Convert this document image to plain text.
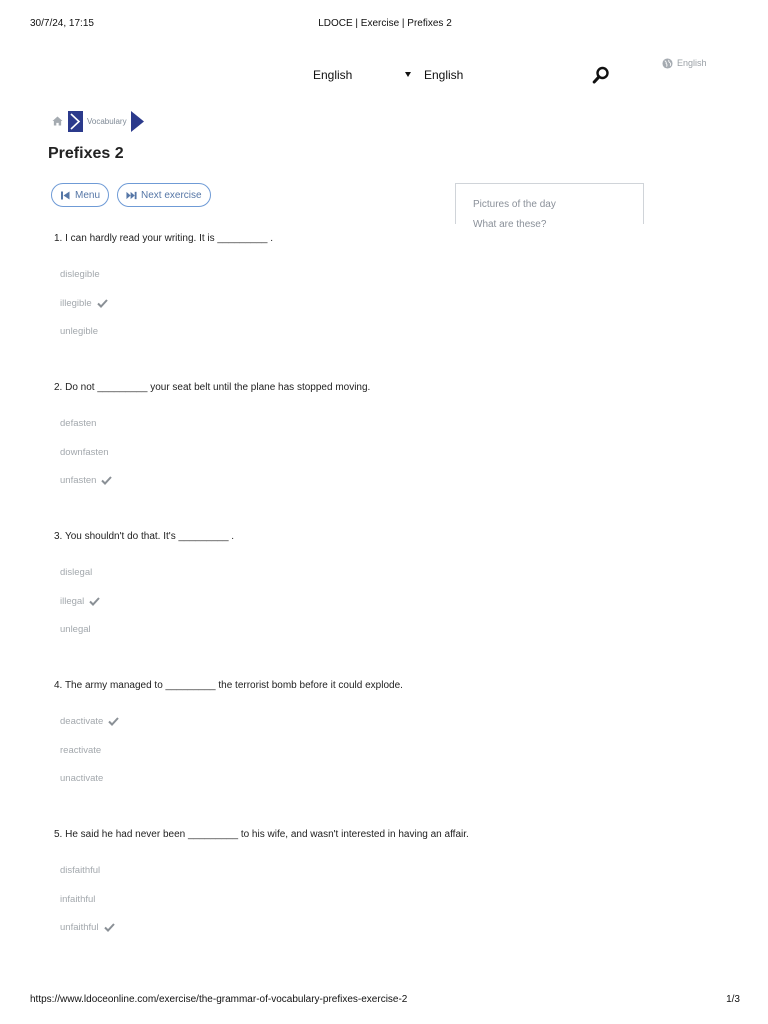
30/7/24, 17:15	LDOCE | Exercise | Prefixes 2
English	English
English
Vocabulary
Prefixes 2
Menu	Next exercise
Pictures of the day
What are these?
1. I can hardly read your writing. It is _________ .
dislegible
illegible
unlegible
2. Do not _________ your seat belt until the plane has stopped moving.
defasten
downfasten
unfasten
3. You shouldn't do that. It's _________ .
dislegal
illegal
unlegal
4. The army managed to _________ the terrorist bomb before it could explode.
deactivate
reactivate
unactivate
5. He said he had never been _________ to his wife, and wasn't interested in having an affair.
disfaithful
infaithful
unfaithful
https://www.ldoceonline.com/exercise/the-grammar-of-vocabulary-prefixes-exercise-2	1/3
